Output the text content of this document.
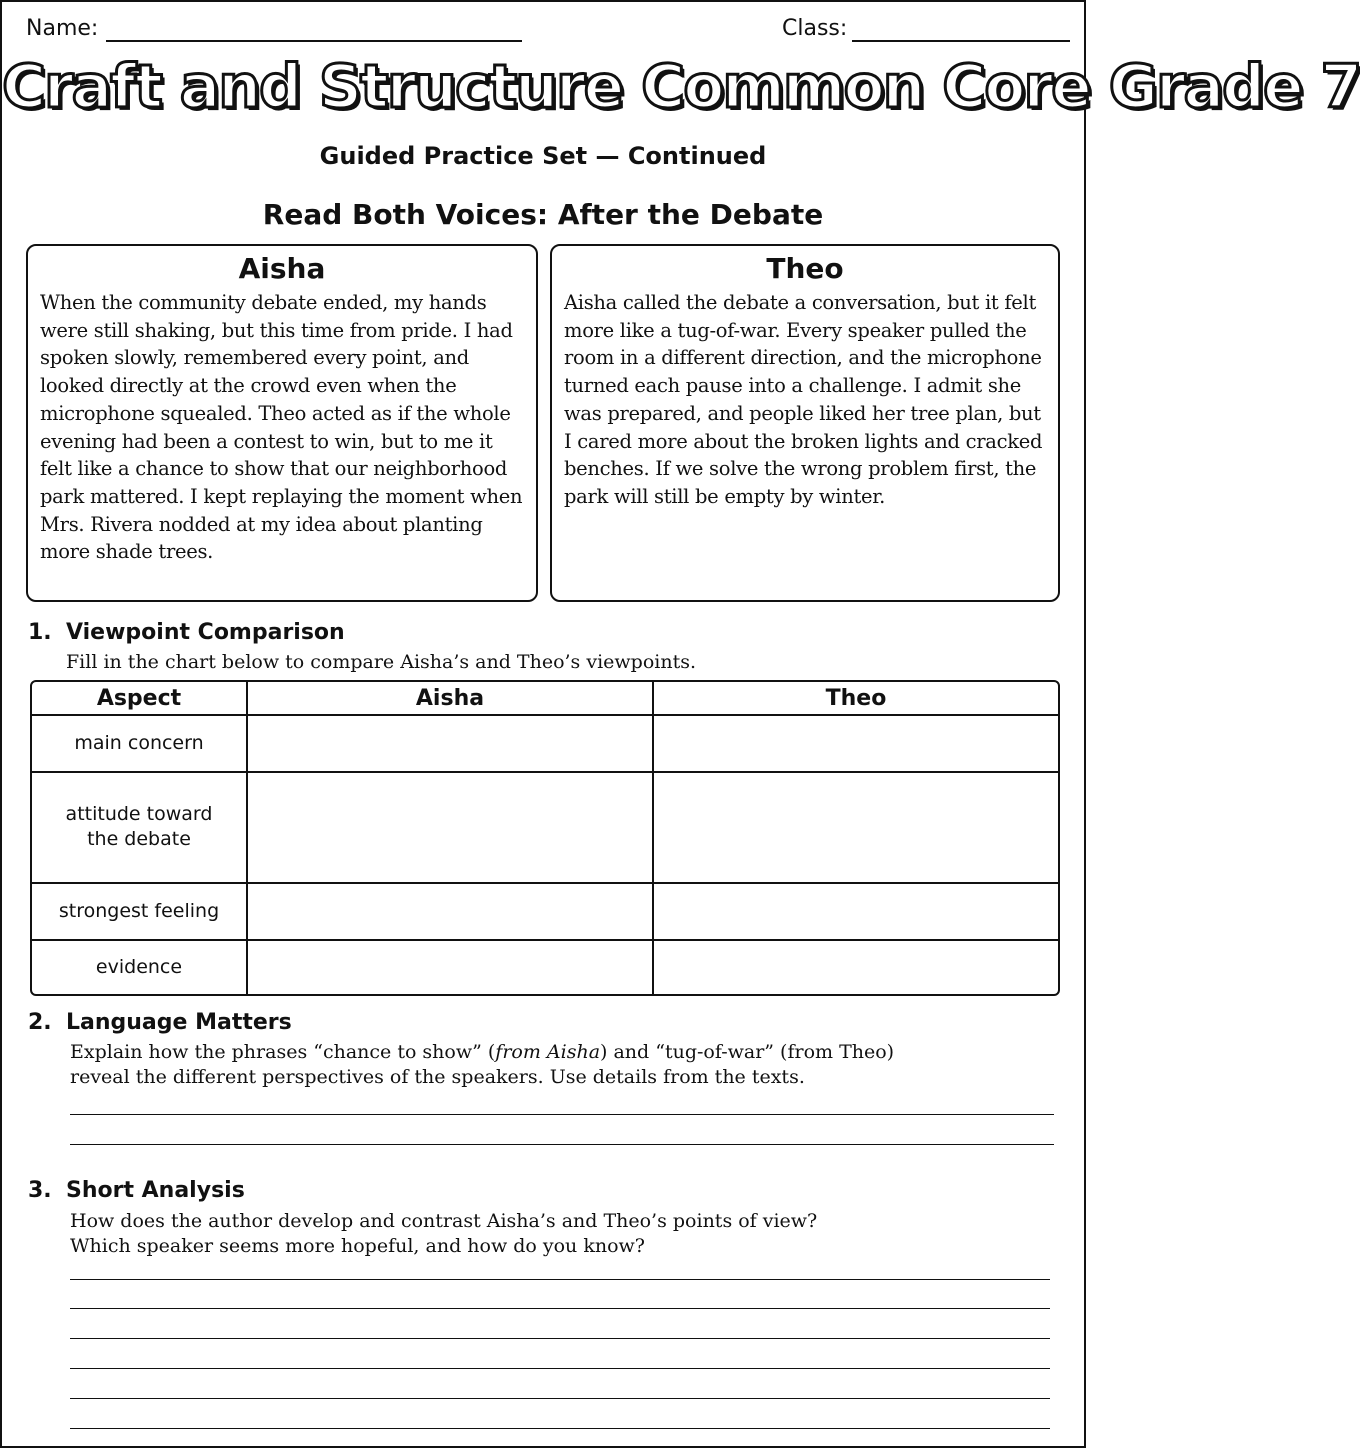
Name:	Class:
Craft and Structure Common Core Grade 7
Guided Practice Set — Continued
Read Both Voices: After the Debate
Aisha

When the community debate ended, my hands were still shaking, but this time from pride. I had spoken slowly, remembered every point, and looked directly at the crowd even when the microphone squealed. Theo acted as if the whole evening had been a contest to win, but to me it felt like a chance to show that our neighborhood park mattered. I kept replaying the moment when Mrs. Rivera nodded at my idea about planting more shade trees.

Theo

Aisha called the debate a conversation, but it felt more like a tug-of-war. Every speaker pulled the room in a different direction, and the microphone turned each pause into a challenge. I admit she was prepared, and people liked her tree plan, but I cared more about the broken lights and cracked benches. If we solve the wrong problem first, the park will still be empty by winter.

1. Viewpoint Comparison
Fill in the chart below to compare Aisha’s and Theo’s viewpoints.
Aspect	Aisha	Theo
main concern		

attitude toward the debate		

strongest feeling		
evidence		
2. Language Matters
Explain how the phrases “chance to show” (from Aisha) and “tug-of-war” (from Theo)
reveal the different perspectives of the speakers. Use details from the texts.
3. Short Analysis
How does the author develop and contrast Aisha’s and Theo’s points of view?
Which speaker seems more hopeful, and how do you know?
